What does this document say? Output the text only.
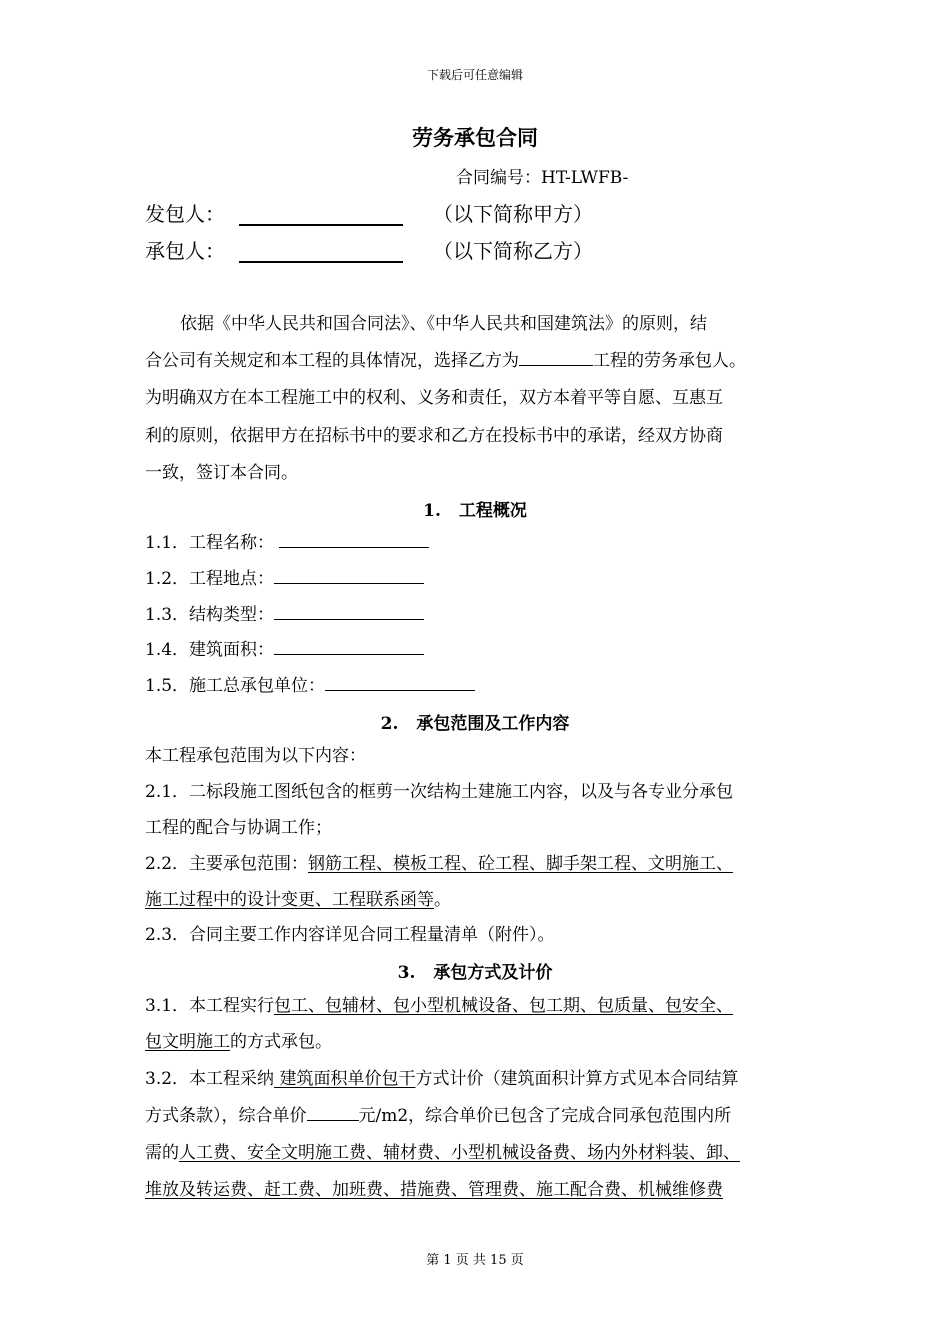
下载后可任意编辑
劳务承包合同
合同编号：HT-LWFB-
发包人：	（以下简称甲方）
承包人：	（以下简称乙方）
依据《中华人民共和国合同法》、《中华人民共和国建筑法》的原则，结
合公司有关规定和本工程的具体情况，选择乙方为	工程的劳务承包人。
为明确双方在本工程施工中的权利、义务和责任，双方本着平等自愿、互惠互
利的原则，依据甲方在招标书中的要求和乙方在投标书中的承诺，经双方协商
一致，签订本合同。
1. 工程概况
1.1．工程名称：
1.2．工程地点：
1.3．结构类型：
1.4．建筑面积：
1.5．施工总承包单位：
2. 承包范围及工作内容
本工程承包范围为以下内容：
2.1．二标段施工图纸包含的框剪一次结构土建施工内容，以及与各专业分承包
工程的配合与协调工作；
2.2．主要承包范围：钢筋工程、模板工程、砼工程、脚手架工程、文明施工、
施工过程中的设计变更、工程联系函等。
2.3．合同主要工作内容详见合同工程量清单（附件）。
3. 承包方式及计价
3.1．本工程实行包工、包辅材、包小型机械设备、包工期、包质量、包安全、
包文明施工的方式承包。
3.2．本工程采纳 建筑面积单价包干方式计价（建筑面积计算方式见本合同结算
方式条款），综合单价	元/m2，综合单价已包含了完成合同承包范围内所
需的人工费、安全文明施工费、辅材费、小型机械设备费、场内外材料装、卸、
堆放及转运费、赶工费、加班费、措施费、管理费、施工配合费、机械维修费
第 1 页 共 15 页
